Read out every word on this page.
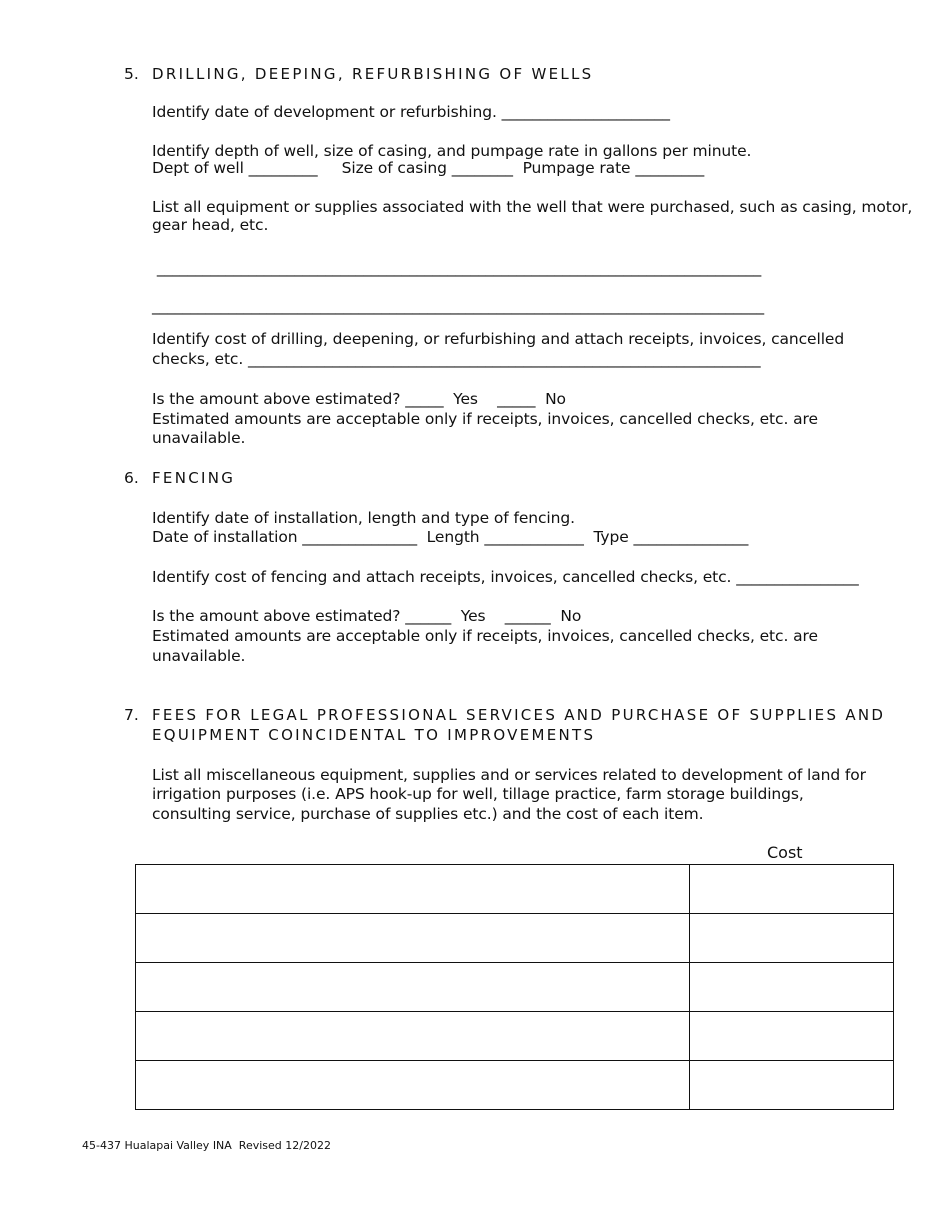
5. DRILLING, DEEPING, REFURBISHING OF WELLS
Identify date of development or refurbishing. ______________________
Identify depth of well, size of casing, and pumpage rate in gallons per minute.
Dept of well _________     Size of casing ________  Pumpage rate _________
List all equipment or supplies associated with the well that were purchased, such as casing, motor,
gear head, etc.
_______________________________________________________________________________
________________________________________________________________________________
Identify cost of drilling, deepening, or refurbishing and attach receipts, invoices, cancelled
checks, etc. ___________________________________________________________________
Is the amount above estimated? _____  Yes    _____  No
Estimated amounts are acceptable only if receipts, invoices, cancelled checks, etc. are
unavailable.
6. FENCING
Identify date of installation, length and type of fencing.
Date of installation _______________  Length _____________  Type _______________
Identify cost of fencing and attach receipts, invoices, cancelled checks, etc. ________________
Is the amount above estimated? ______  Yes    ______  No
Estimated amounts are acceptable only if receipts, invoices, cancelled checks, etc. are
unavailable.
7. FEES FOR LEGAL PROFESSIONAL SERVICES AND PURCHASE OF SUPPLIES AND
EQUIPMENT COINCIDENTAL TO IMPROVEMENTS
List all miscellaneous equipment, supplies and or services related to development of land for
irrigation purposes (i.e. APS hook-up for well, tillage practice, farm storage buildings,
consulting service, purchase of supplies etc.) and the cost of each item.
Cost

45-437 Hualapai Valley INA  Revised 12/2022
